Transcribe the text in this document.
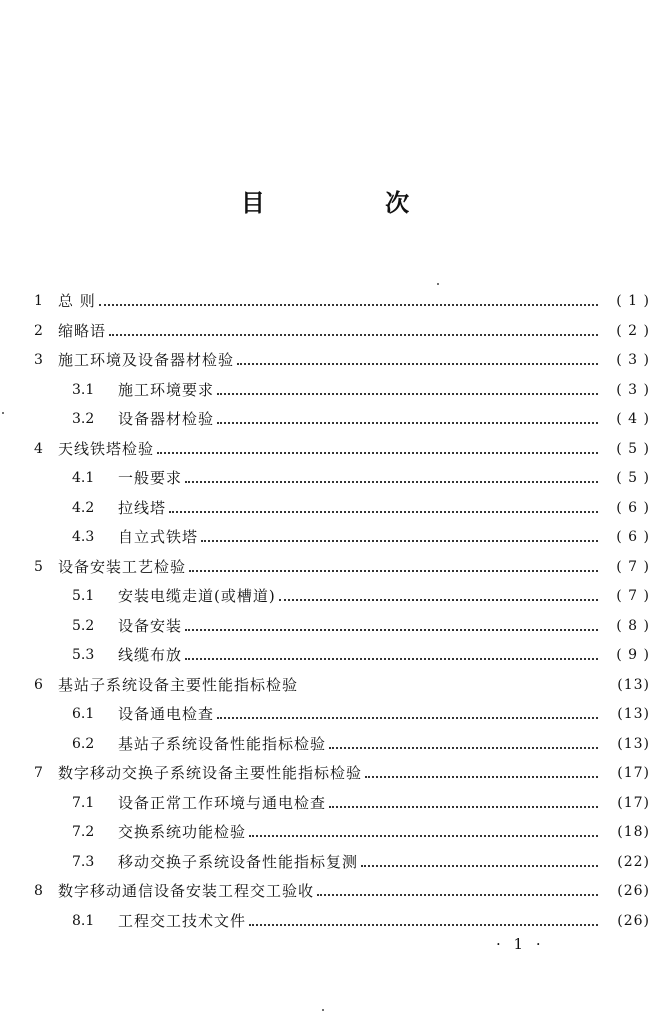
目 次
1	总 则	( 1 )
2	缩略语	( 2 )
3	施工环境及设备器材检验	( 3 )
3.1	施工环境要求	( 3 )
3.2	设备器材检验	( 4 )
4	天线铁塔检验	( 5 )
4.1	一般要求	( 5 )
4.2	拉线塔	( 6 )
4.3	自立式铁塔	( 6 )
5	设备安装工艺检验	( 7 )
5.1	安装电缆走道(或槽道)	( 7 )
5.2	设备安装	( 8 )
5.3	线缆布放	( 9 )
6	基站子系统设备主要性能指标检验	(13)
6.1	设备通电检查	(13)
6.2	基站子系统设备性能指标检验	(13)
7	数字移动交换子系统设备主要性能指标检验	(17)
7.1	设备正常工作环境与通电检查	(17)
7.2	交换系统功能检验	(18)
7.3	移动交换子系统设备性能指标复测	(22)
8	数字移动通信设备安装工程交工验收	(26)
8.1	工程交工技术文件	(26)
· 1 ·
